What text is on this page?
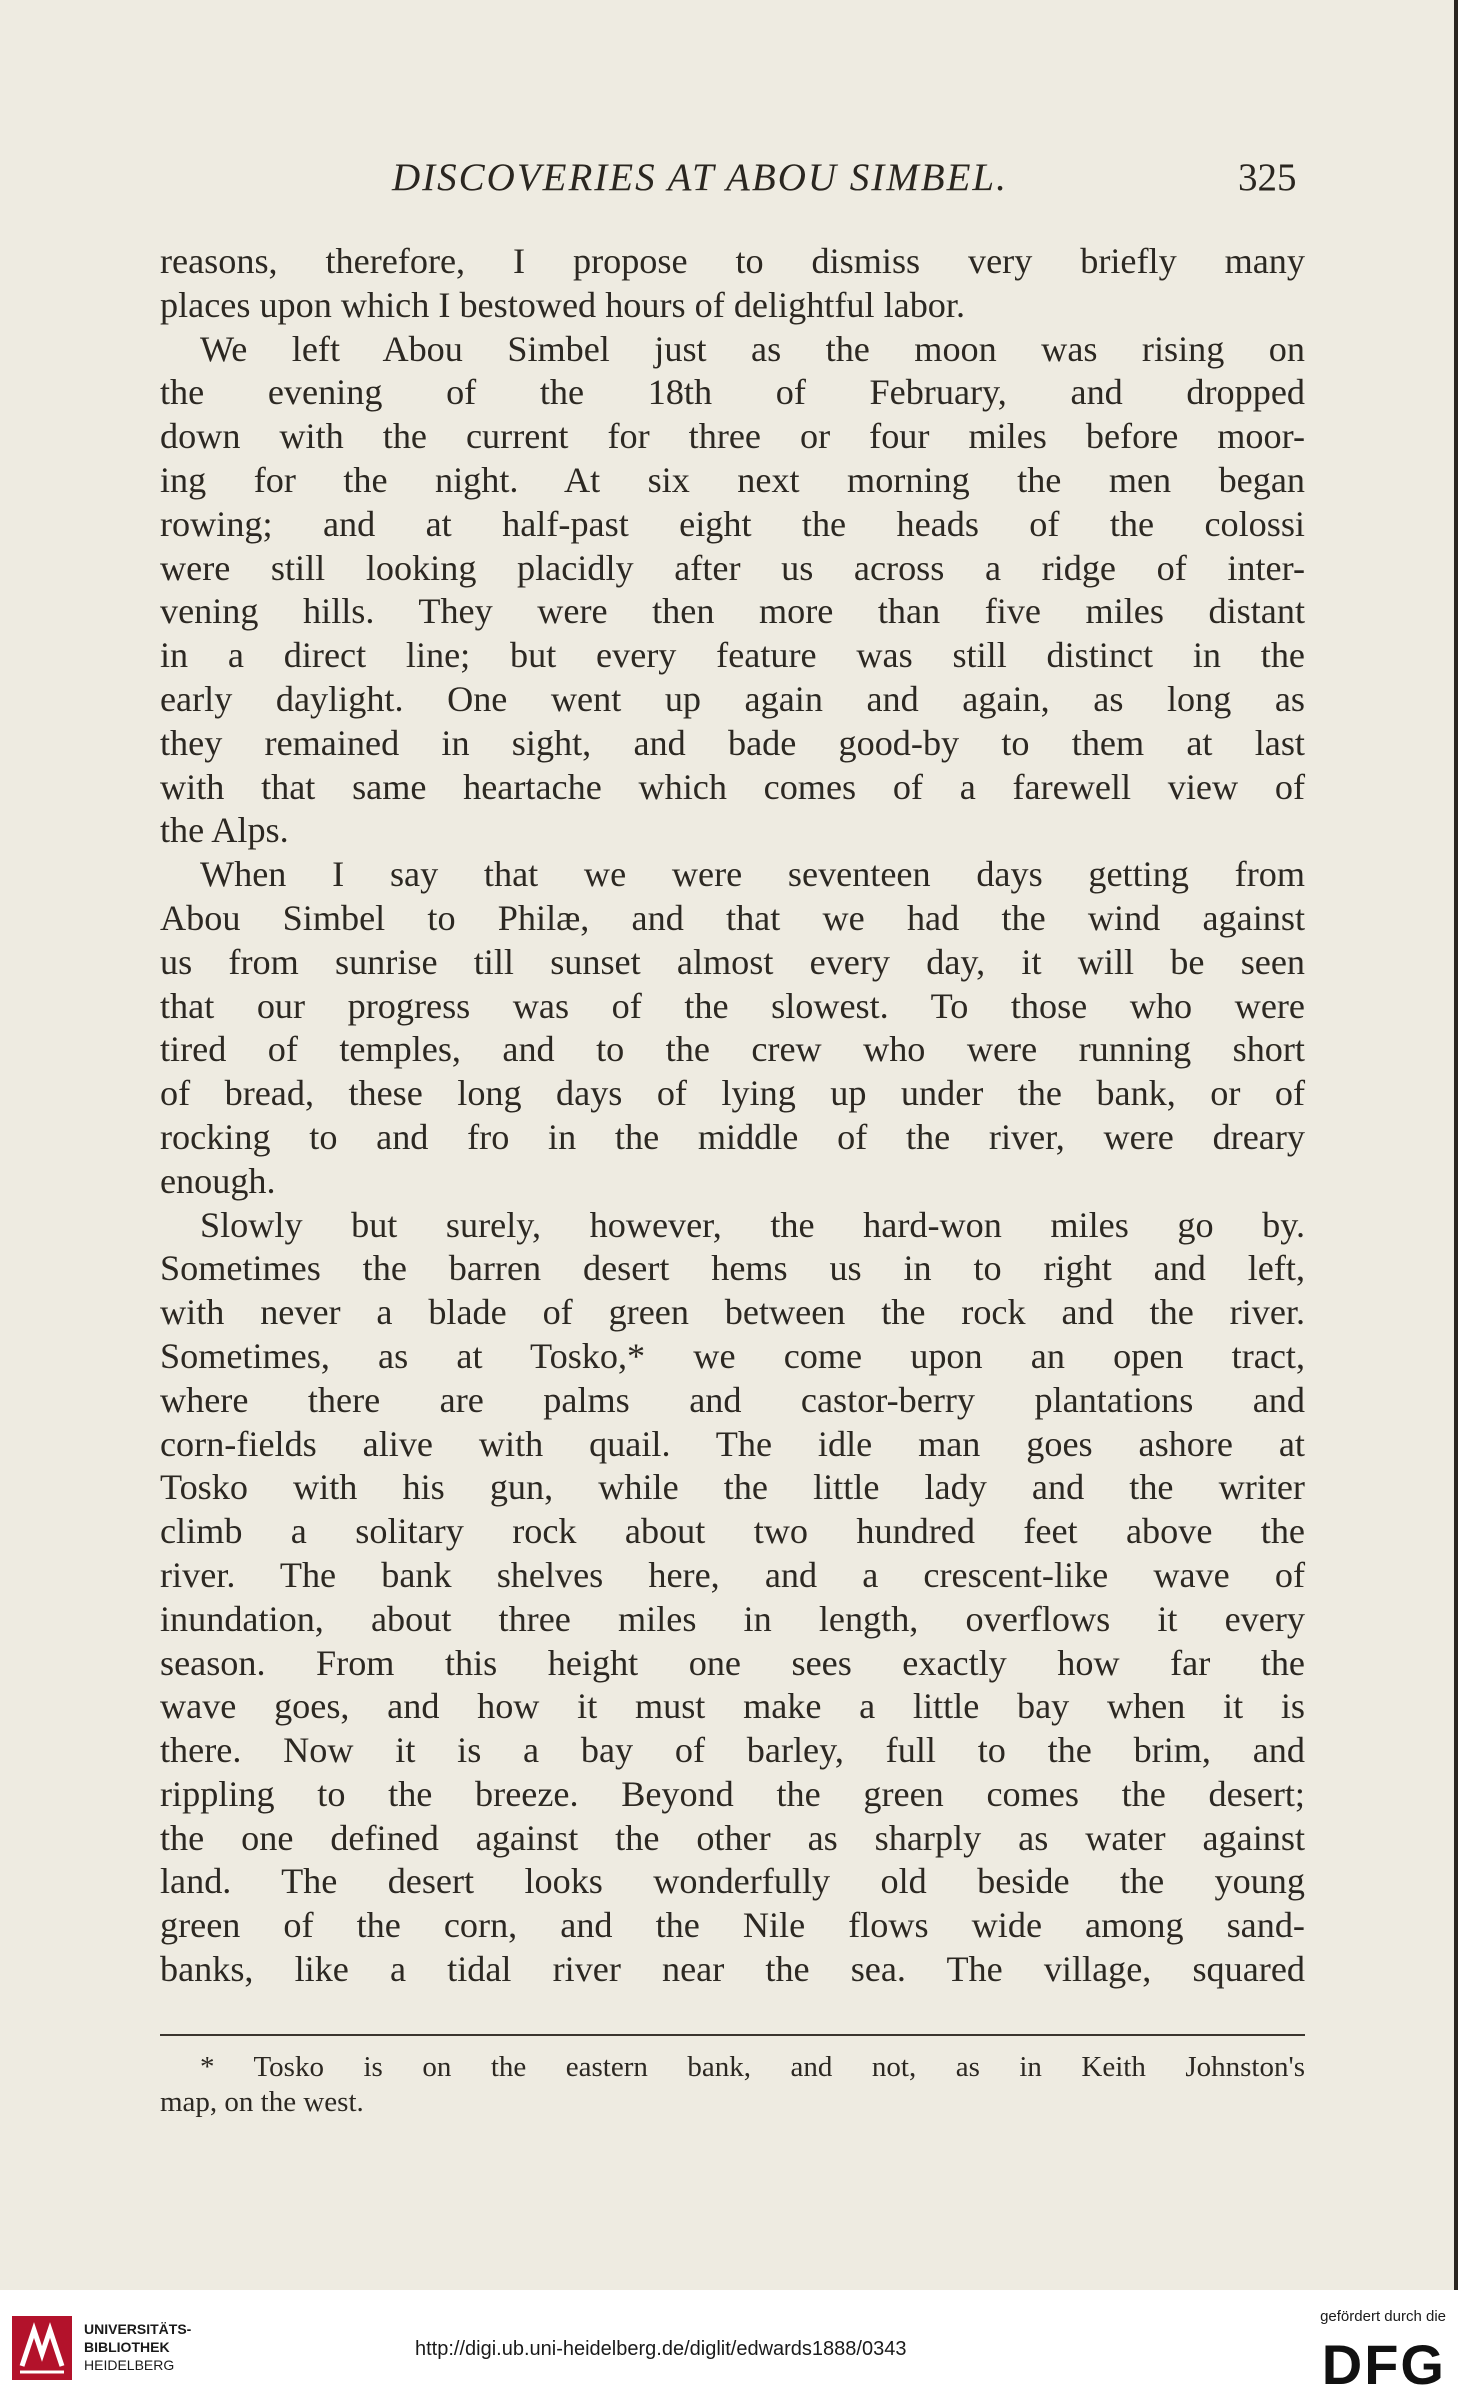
DISCOVERIES AT ABOU SIMBEL.	325
reasons, therefore, I propose to dismiss very briefly many
places upon which I bestowed hours of delightful labor.
We left Abou Simbel just as the moon was rising on
the evening of the 18th of February, and dropped
down with the current for three or four miles before moor-
ing for the night. At six next morning the men began
rowing; and at half-past eight the heads of the colossi
were still looking placidly after us across a ridge of inter-
vening hills. They were then more than five miles distant
in a direct line; but every feature was still distinct in the
early daylight. One went up again and again, as long as
they remained in sight, and bade good-by to them at last
with that same heartache which comes of a farewell view of
the Alps.
When I say that we were seventeen days getting from
Abou Simbel to Philæ, and that we had the wind against
us from sunrise till sunset almost every day, it will be seen
that our progress was of the slowest. To those who were
tired of temples, and to the crew who were running short
of bread, these long days of lying up under the bank, or of
rocking to and fro in the middle of the river, were dreary
enough.
Slowly but surely, however, the hard-won miles go by.
Sometimes the barren desert hems us in to right and left,
with never a blade of green between the rock and the river.
Sometimes, as at Tosko,* we come upon an open tract,
where there are palms and castor-berry plantations and
corn-fields alive with quail. The idle man goes ashore at
Tosko with his gun, while the little lady and the writer
climb a solitary rock about two hundred feet above the
river. The bank shelves here, and a crescent-like wave of
inundation, about three miles in length, overflows it every
season. From this height one sees exactly how far the
wave goes, and how it must make a little bay when it is
there. Now it is a bay of barley, full to the brim, and
rippling to the breeze. Beyond the green comes the desert;
the one defined against the other as sharply as water against
land. The desert looks wonderfully old beside the young
green of the corn, and the Nile flows wide among sand-
banks, like a tidal river near the sea. The village, squared
* Tosko is on the eastern bank, and not, as in Keith Johnston's
map, on the west.
UNIVERSITÄTS-
BIBLIOTHEK
HEIDELBERG
http://digi.ub.uni-heidelberg.de/diglit/edwards1888/0343
gefördert durch die
DFG
